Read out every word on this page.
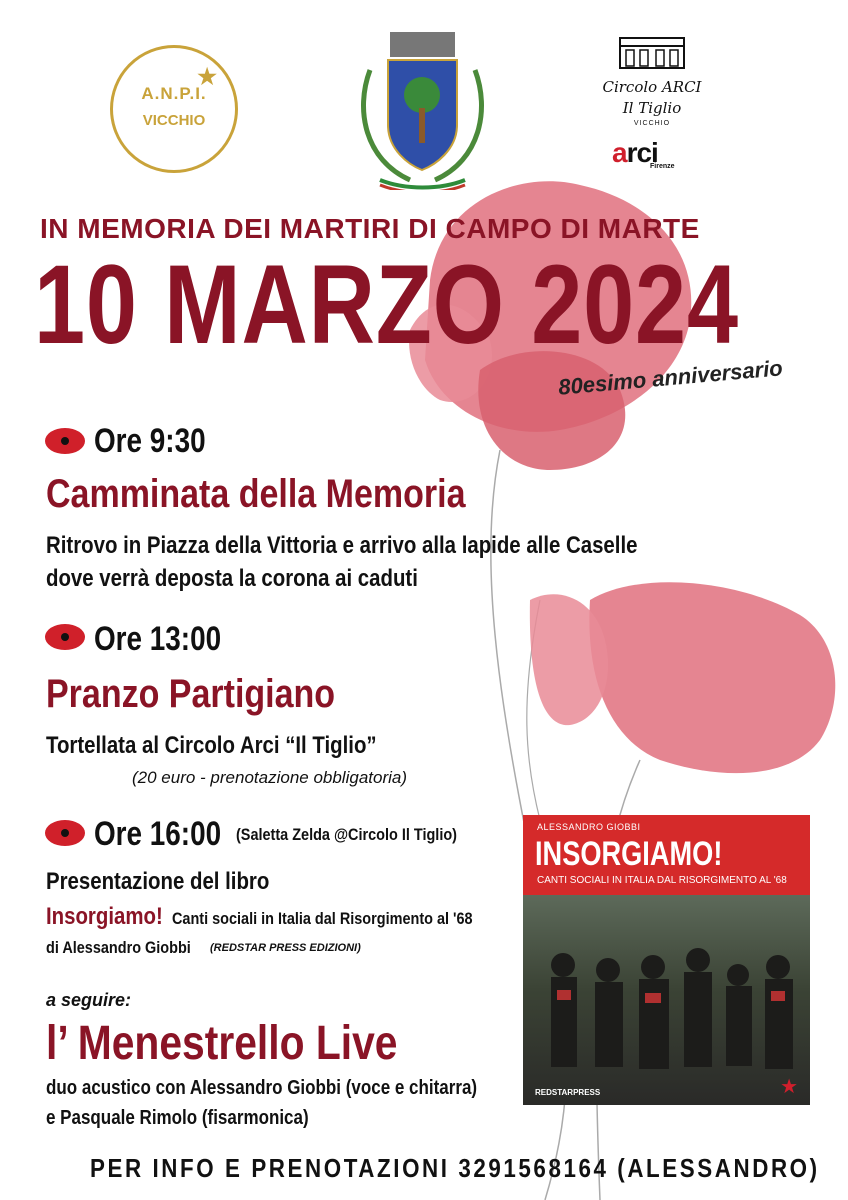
★
A.N.P.I.
VICCHIO
Circolo ARCI
Il Tiglio
VICCHIO
arci
Firenze
IN MEMORIA DEI MARTIRI DI CAMPO DI MARTE
10 MARZO 2024
80esimo anniversario
Ore 9:30
Camminata della Memoria
Ritrovo in Piazza della Vittoria e arrivo alla lapide alle Caselle
dove verrà deposta la corona ai caduti
Ore 13:00
Pranzo Partigiano
Tortellata al Circolo Arci “Il Tiglio”
(20 euro - prenotazione obbligatoria)
Ore 16:00 (Saletta Zelda @Circolo Il Tiglio)
Presentazione del libro
Insorgiamo! Canti sociali in Italia dal Risorgimento al '68
di Alessandro Giobbi (REDSTAR PRESS EDIZIONI)
a seguire:
l’ Menestrello Live
duo acustico con Alessandro Giobbi (voce e chitarra)
e Pasquale Rimolo (fisarmonica)
ALESSANDRO GIOBBI
INSORGIAMO!
CANTI SOCIALI IN ITALIA DAL RISORGIMENTO AL '68
REDSTARPRESS	★
PER INFO E PRENOTAZIONI 3291568164 (ALESSANDRO)
